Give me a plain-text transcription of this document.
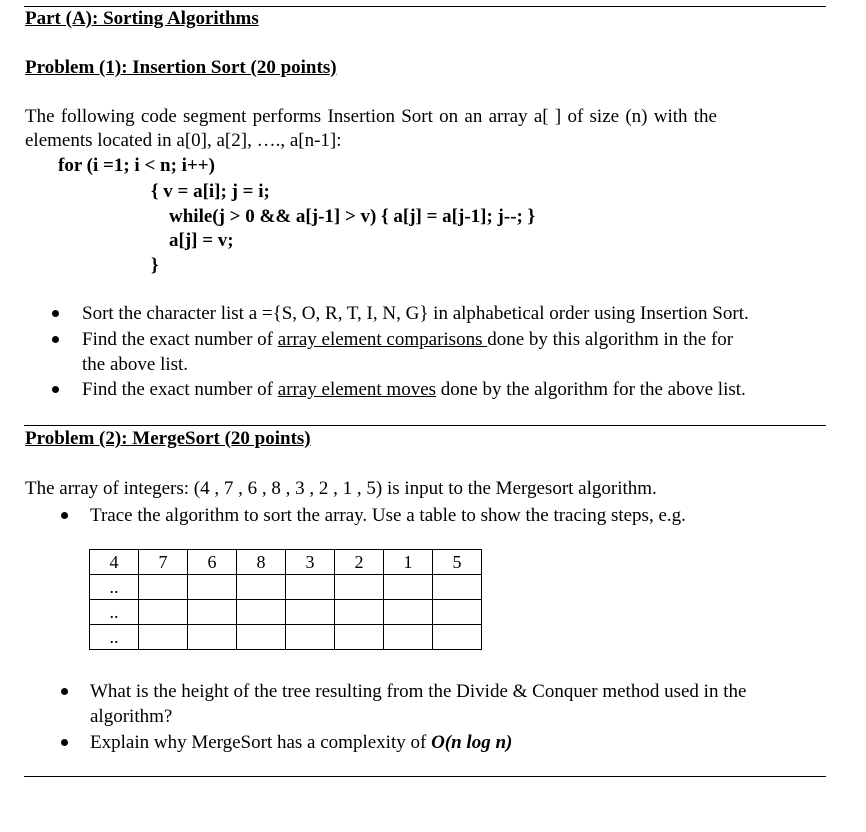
Part (A): Sorting Algorithms
Problem (1): Insertion Sort (20 points)
The following code segment performs Insertion Sort on an array a[ ] of size (n) with the
elements located in a[0], a[2], …., a[n-1]:
for (i =1; i < n; i++)
{ v = a[i]; j = i;
while(j > 0 && a[j-1] > v) { a[j] = a[j-1]; j--; }
a[j] = v;
}
Sort the character list a ={S, O, R, T, I, N, G} in alphabetical order using Insertion Sort.
Find the exact number of array element comparisons done by this algorithm in the for
the above list.
Find the exact number of array element moves done by the algorithm for the above list.
Problem (2): MergeSort (20 points)
The array of integers: (4 , 7 , 6 , 8 , 3 , 2 , 1 , 5) is input to the Mergesort algorithm.
Trace the algorithm to sort the array. Use a table to show the tracing steps, e.g.
4	7	6	8	3	2	1	5
..							
..							
..							
What is the height of the tree resulting from the Divide & Conquer method used in the
algorithm?
Explain why MergeSort has a complexity of O(n log n)
